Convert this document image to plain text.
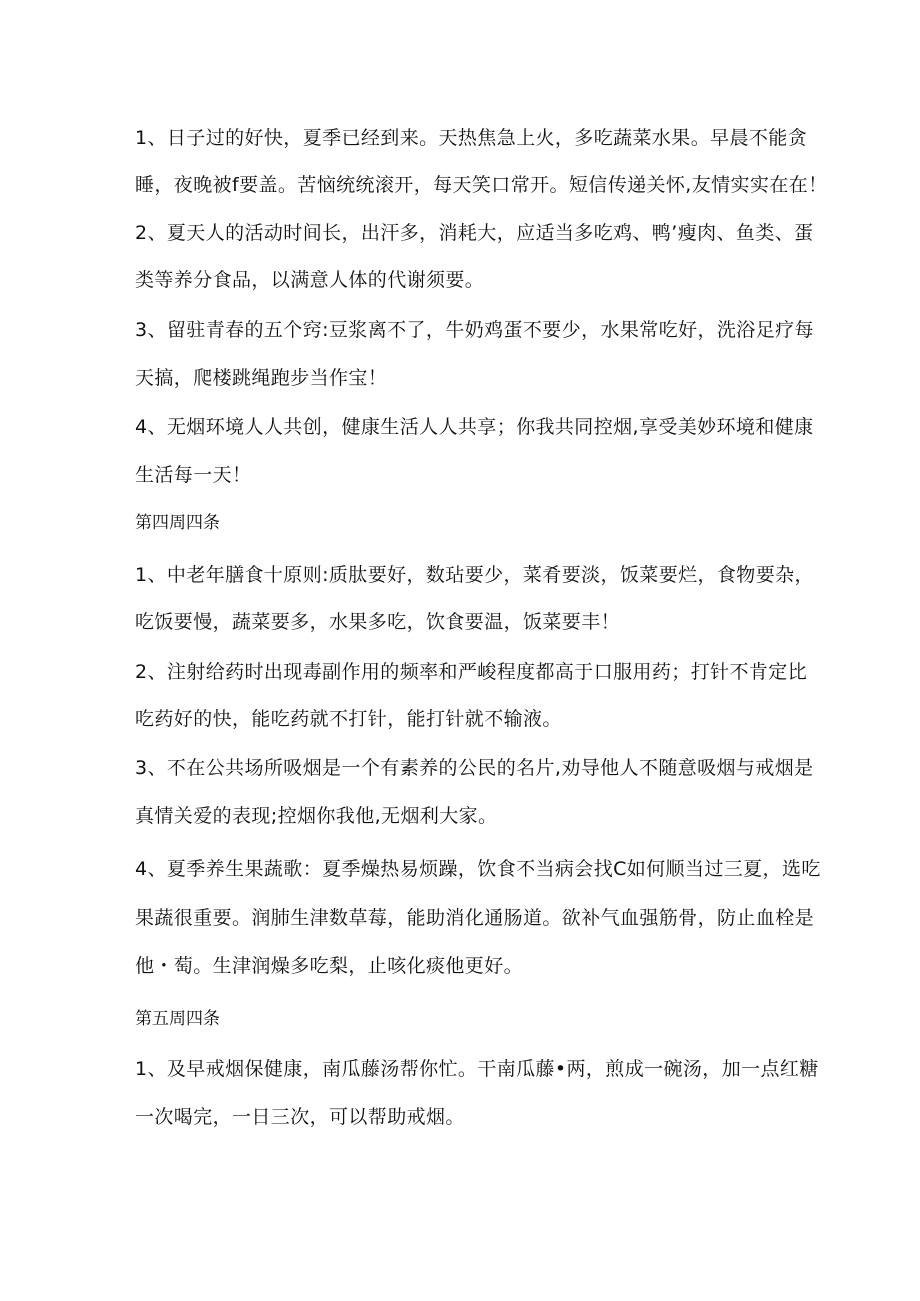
1、日子过的好快，夏季已经到来。天热焦急上火，多吃蔬菜水果。早晨不能贪
睡，夜晚被f要盖。苦恼统统滚开，每天笑口常开。短信传递关怀,友情实实在在！
2、夏天人的活动时间长，出汗多，消耗大，应适当多吃鸡、鸭’瘦肉、鱼类、蛋
类等养分食品，以满意人体的代谢须要。
3、留驻青春的五个窍:豆浆离不了，牛奶鸡蛋不要少，水果常吃好，洗浴足疗每
天搞，爬楼跳绳跑步当作宝！
4、无烟环境人人共创，健康生活人人共享；你我共同控烟,享受美妙环境和健康
生活每一天！
第四周四条
1、中老年膳食十原则:质肽要好，数玷要少，菜肴要淡，饭菜要烂，食物要杂，
吃饭要慢，蔬菜要多，水果多吃，饮食要温，饭菜要丰！
2、注射给药时出现毒副作用的频率和严峻程度都高于口服用药；打针不肯定比
吃药好的快，能吃药就不打针，能打针就不输液。
3、不在公共场所吸烟是一个有素养的公民的名片,劝导他人不随意吸烟与戒烟是
真情关爱的表现;控烟你我他,无烟利大家。
4、夏季养生果蔬歌：夏季燥热易烦躁，饮食不当病会找C如何顺当过三夏，选吃
果蔬很重要。润肺生津数草莓，能助消化通肠道。欲补气血强筋骨，防止血栓是
他・萄。生津润燥多吃梨，止咳化痰他更好。
第五周四条
1、及早戒烟保健康，南瓜藤汤帮你忙。干南瓜藤•两，煎成一碗汤，加一点红糖
一次喝完，一日三次，可以帮助戒烟。
